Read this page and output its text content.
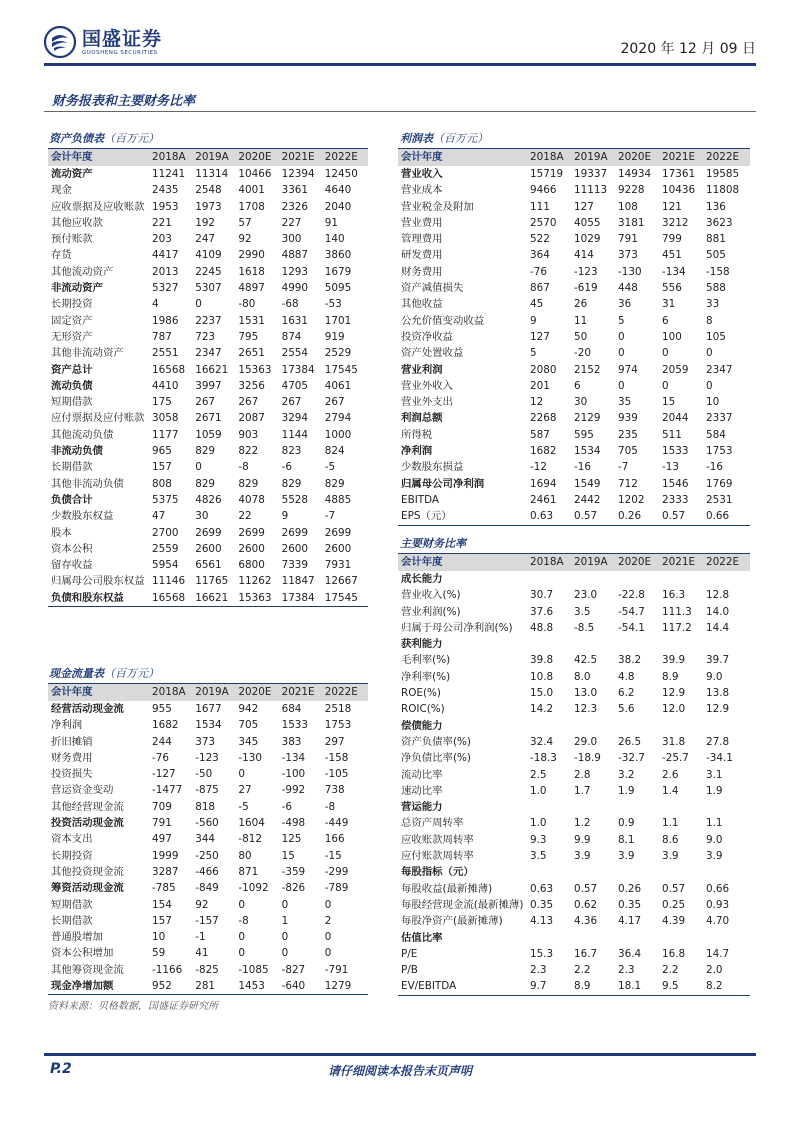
国盛证券
GUOSHENG SECURITIES	2020 年 12 月 09 日
财务报表和主要财务比率
资产负债表（百万元）	利润表（百万元）
主要财务比率
现金流量表（百万元）
会计年度	2018A	2019A	2020E	2021E	2022E
流动资产	11241	11314	10466	12394	12450
现金	2435	2548	4001	3361	4640
应收票据及应收账款	1953	1973	1708	2326	2040
其他应收款	221	192	57	227	91
预付账款	203	247	92	300	140
存货	4417	4109	2990	4887	3860
其他流动资产	2013	2245	1618	1293	1679
非流动资产	5327	5307	4897	4990	5095
长期投资	4	0	-80	-68	-53
固定资产	1986	2237	1531	1631	1701
无形资产	787	723	795	874	919
其他非流动资产	2551	2347	2651	2554	2529
资产总计	16568	16621	15363	17384	17545
流动负债	4410	3997	3256	4705	4061
短期借款	175	267	267	267	267
应付票据及应付账款	3058	2671	2087	3294	2794
其他流动负债	1177	1059	903	1144	1000
非流动负债	965	829	822	823	824
长期借款	157	0	-8	-6	-5
其他非流动负债	808	829	829	829	829
负债合计	5375	4826	4078	5528	4885
少数股东权益	47	30	22	9	-7
股本	2700	2699	2699	2699	2699
资本公积	2559	2600	2600	2600	2600
留存收益	5954	6561	6800	7339	7931
归属母公司股东权益	11146	11765	11262	11847	12667
负债和股东权益	16568	16621	15363	17384	17545
会计年度	2018A	2019A	2020E	2021E	2022E
营业收入	15719	19337	14934	17361	19585
营业成本	9466	11113	9228	10436	11808
营业税金及附加	111	127	108	121	136
营业费用	2570	4055	3181	3212	3623
管理费用	522	1029	791	799	881
研发费用	364	414	373	451	505
财务费用	-76	-123	-130	-134	-158
资产减值损失	867	-619	448	556	588
其他收益	45	26	36	31	33
公允价值变动收益	9	11	5	6	8
投资净收益	127	50	0	100	105
资产处置收益	5	-20	0	0	0
营业利润	2080	2152	974	2059	2347
营业外收入	201	6	0	0	0
营业外支出	12	30	35	15	10
利润总额	2268	2129	939	2044	2337
所得税	587	595	235	511	584
净利润	1682	1534	705	1533	1753
少数股东损益	-12	-16	-7	-13	-16
归属母公司净利润	1694	1549	712	1546	1769
EBITDA	2461	2442	1202	2333	2531
EPS（元）	0.63	0.57	0.26	0.57	0.66
会计年度	2018A	2019A	2020E	2021E	2022E
成长能力					
营业收入(%)	30.7	23.0	-22.8	16.3	12.8
营业利润(%)	37.6	3.5	-54.7	111.3	14.0
归属于母公司净利润(%)	48.8	-8.5	-54.1	117.2	14.4
获利能力					
毛利率(%)	39.8	42.5	38.2	39.9	39.7
净利率(%)	10.8	8.0	4.8	8.9	9.0
ROE(%)	15.0	13.0	6.2	12.9	13.8
ROIC(%)	14.2	12.3	5.6	12.0	12.9
偿债能力					
资产负债率(%)	32.4	29.0	26.5	31.8	27.8
净负债比率(%)	-18.3	-18.9	-32.7	-25.7	-34.1
流动比率	2.5	2.8	3.2	2.6	3.1
速动比率	1.0	1.7	1.9	1.4	1.9
营运能力					
总资产周转率	1.0	1.2	0.9	1.1	1.1
应收账款周转率	9.3	9.9	8.1	8.6	9.0
应付账款周转率	3.5	3.9	3.9	3.9	3.9
每股指标（元）					
每股收益(最新摊薄)	0.63	0.57	0.26	0.57	0.66
每股经营现金流(最新摊薄)	0.35	0.62	0.35	0.25	0.93
每股净资产(最新摊薄)	4.13	4.36	4.17	4.39	4.70
估值比率					
P/E	15.3	16.7	36.4	16.8	14.7
P/B	2.3	2.2	2.3	2.2	2.0
EV/EBITDA	9.7	8.9	18.1	9.5	8.2
会计年度	2018A	2019A	2020E	2021E	2022E
经营活动现金流	955	1677	942	684	2518
净利润	1682	1534	705	1533	1753
折旧摊销	244	373	345	383	297
财务费用	-76	-123	-130	-134	-158
投资损失	-127	-50	0	-100	-105
营运资金变动	-1477	-875	27	-992	738
其他经营现金流	709	818	-5	-6	-8
投资活动现金流	791	-560	1604	-498	-449
资本支出	497	344	-812	125	166
长期投资	1999	-250	80	15	-15
其他投资现金流	3287	-466	871	-359	-299
筹资活动现金流	-785	-849	-1092	-826	-789
短期借款	154	92	0	0	0
长期借款	157	-157	-8	1	2
普通股增加	10	-1	0	0	0
资本公积增加	59	41	0	0	0
其他筹资现金流	-1166	-825	-1085	-827	-791
现金净增加额	952	281	1453	-640	1279
资料来源：贝格数据，国盛证券研究所
P.2	请仔细阅读本报告末页声明
